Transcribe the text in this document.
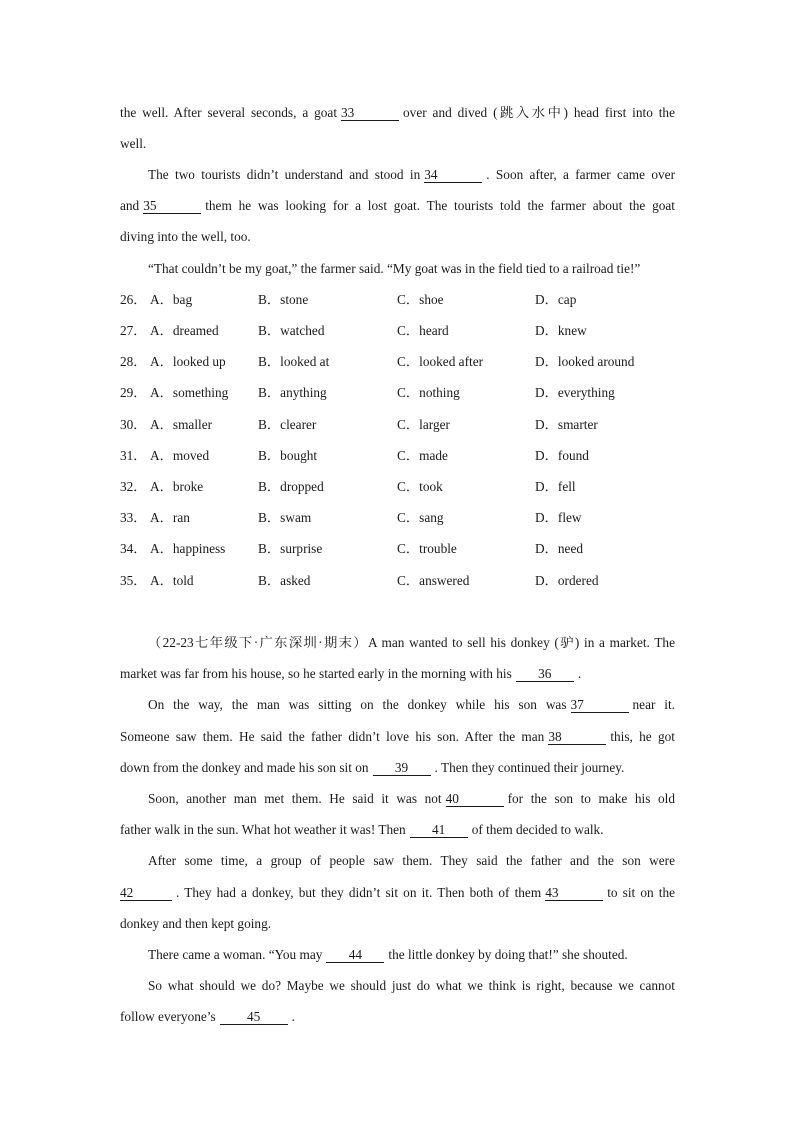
the well. After several seconds, a goat 33	over and dived (跳入水中) head first into the
well.
The two tourists didn’t understand and stood in 34	. Soon after, a farmer came over
and 35	them he was looking for a lost goat. The tourists told the farmer about the goat
diving into the well, too.
“That couldn’t be my goat,” the farmer said. “My goat was in the field tied to a railroad tie!”
26． A．bag	B．stone	C．shoe	D．cap
27． A．dreamed	B．watched	C．heard	D．knew
28． A．looked up B．looked at	C．looked after	D．looked around
29． A．something B．anything	C．nothing	D．everything
30． A．smaller	B．clearer	C．larger	D．smarter
31． A．moved	B．bought	C．made	D．found
32． A．broke	B．dropped	C．took	D．fell
33． A．ran	B．swam	C．sang	D．flew
34． A．happiness B．surprise	C．trouble	D．need
35． A．told	B．asked	C．answered	D．ordered
（22-23七年级下·广东深圳·期末）A man wanted to sell his donkey (驴) in a market. The
market was far from his house, so he started early in the morning with his 36 .
On the way, the man was sitting on the donkey while his son was 37	near it.
Someone saw them. He said the father didn’t love his son. After the man 38	this, he got
down from the donkey and made his son sit on 39 . Then they continued their journey.
Soon, another man met them. He said it was not 40	for the son to make his old
father walk in the sun. What hot weather it was! Then 41 of them decided to walk.
After some time, a group of people saw them. They said the father and the son were
42	. They had a donkey, but they didn’t sit on it. Then both of them 43	to sit on the
donkey and then kept going.
There came a woman. “You may 44 the little donkey by doing that!” she shouted.
So what should we do? Maybe we should just do what we think is right, because we cannot
follow everyone’s 45 .
